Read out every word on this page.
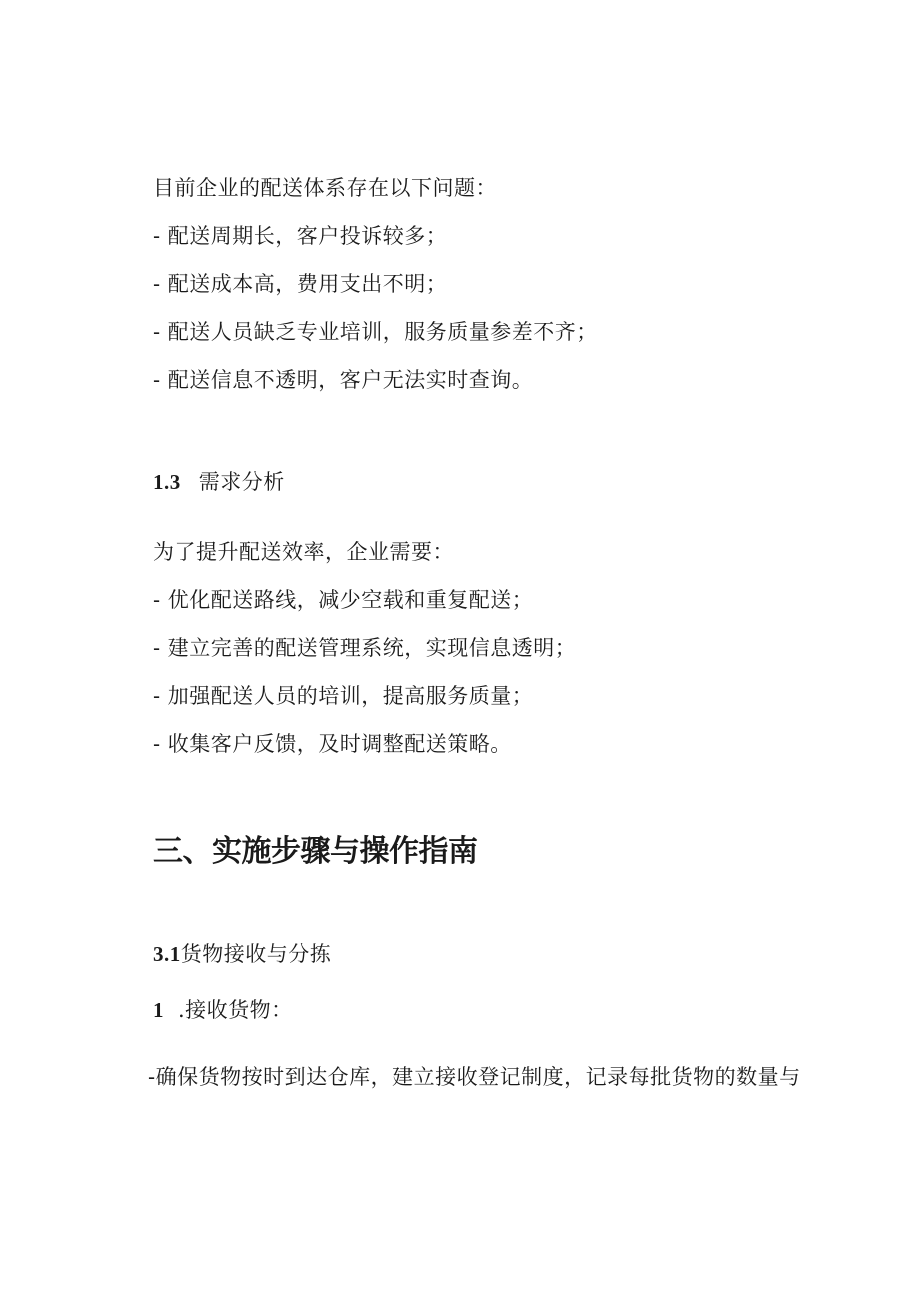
目前企业的配送体系存在以下问题：
- 配送周期长，客户投诉较多；
- 配送成本高，费用支出不明；
- 配送人员缺乏专业培训，服务质量参差不齐；
- 配送信息不透明，客户无法实时查询。
1.3 需求分析
为了提升配送效率，企业需要：
- 优化配送路线，减少空载和重复配送；
- 建立完善的配送管理系统，实现信息透明；
- 加强配送人员的培训，提高服务质量；
- 收集客户反馈，及时调整配送策略。
三、实施步骤与操作指南
3.1货物接收与分拣
1 .接收货物：
-确保货物按时到达仓库，建立接收登记制度，记录每批货物的数量与
